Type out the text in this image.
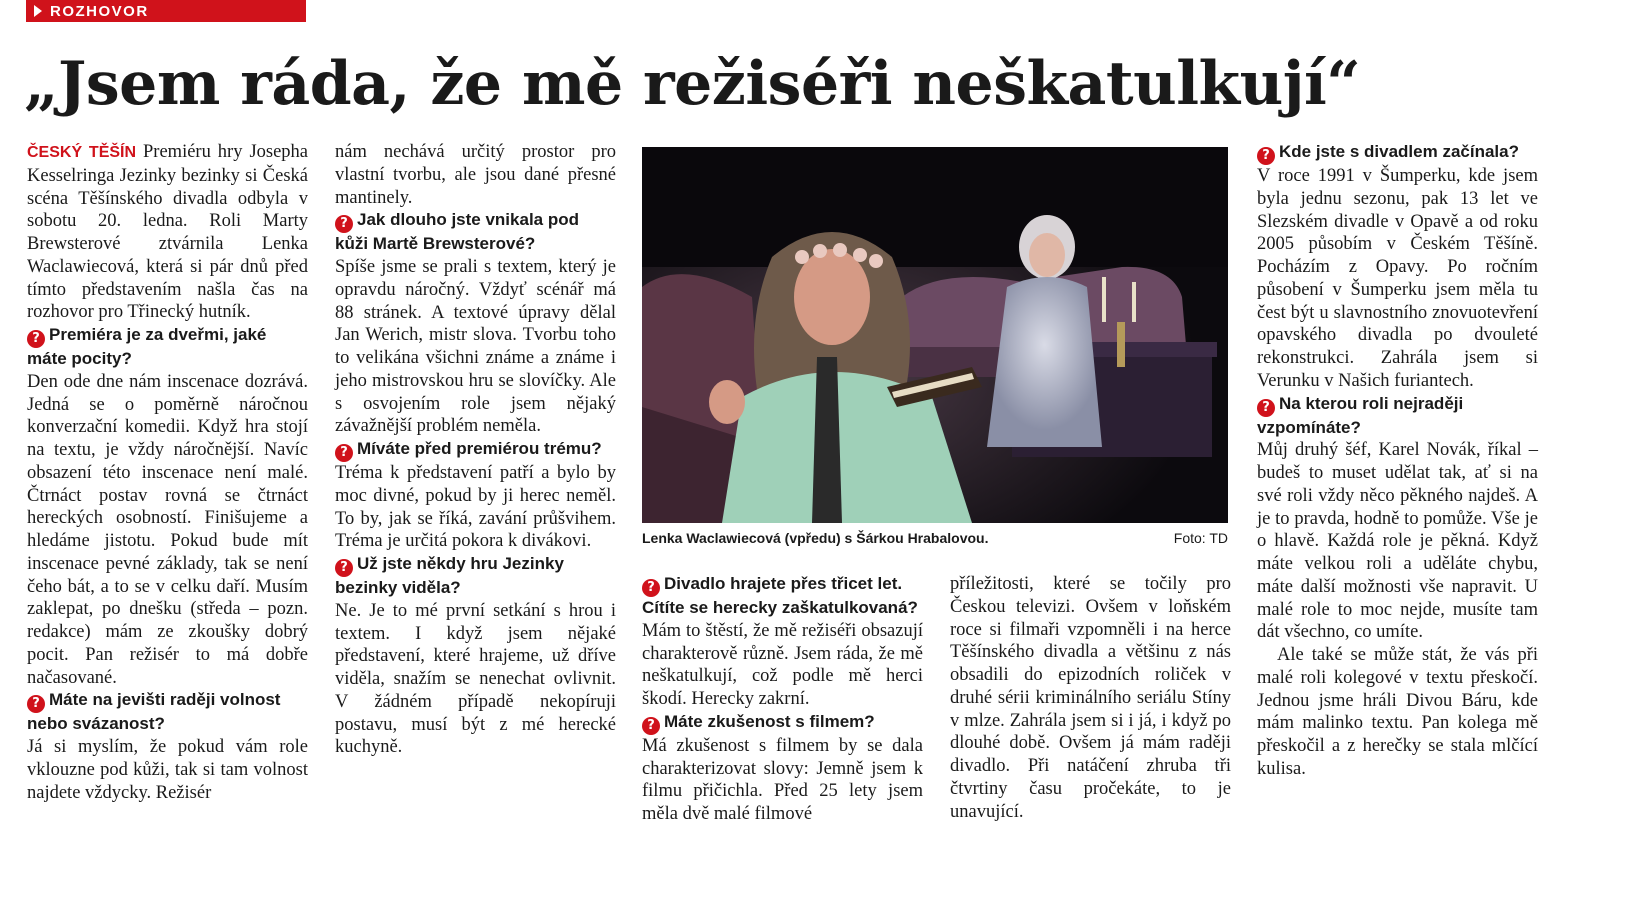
ROZHOVOR
„Jsem ráda, že mě režiséři neškatulkují“

ČESKÝ TĚŠÍN Premiéru hry Josepha Kesselringa Jezinky bezinky si Česká scéna Těšínského divadla odbyla v sobotu 20. ledna. Roli Marty Brewsterové ztvárnila Lenka Waclawiecová, která si pár dnů před tímto představením našla čas na rozhovor pro Třinecký hutník.

? Premiéra je za dveřmi, jaké máte pocity?

Den ode dne nám inscenace dozrává. Jedná se o poměrně náročnou konverzační komedii. Když hra stojí na textu, je vždy náročnější. Navíc obsazení této inscenace není malé. Čtrnáct postav rovná se čtrnáct hereckých osobností. Finišujeme a hledáme jistotu. Pokud bude mít inscenace pevné základy, tak se není čeho bát, a to se v celku daří. Musím zaklepat, po dnešku (středa – pozn. redakce) mám ze zkoušky dobrý pocit. Pan režisér to má dobře načasované.

? Máte na jevišti raději volnost nebo svázanost?

Já si myslím, že pokud vám role vklouzne pod kůži, tak si tam volnost najdete vždycky. Režisér

nám nechává určitý prostor pro vlastní tvorbu, ale jsou dané přesné mantinely.

? Jak dlouho jste vnikala pod kůži Martě Brewsterové?

Spíše jsme se prali s textem, který je opravdu náročný. Vždyť scénář má 88 stránek. A textové úpravy dělal Jan Werich, mistr slova. Tvorbu toho to velikána všichni známe a známe i jeho mistrovskou hru se slovíčky. Ale s osvojením role jsem nějaký závažnější problém neměla.

? Míváte před premiérou trému?

Tréma k představení patří a bylo by moc divné, pokud by ji herec neměl. To by, jak se říká, zavání průšvihem. Tréma je určitá pokora k divákovi.

? Už jste někdy hru Jezinky bezinky viděla?

Ne. Je to mé první setkání s hrou i textem. I když jsem nějaké představení, které hrajeme, už dříve viděla, snažím se nenechat ovlivnit. V žádném případě nekopíruji postavu, musí být z mé herecké kuchyně.

Lenka Waclawiecová (vpředu) s Šárkou Hrabalovou.	Foto: TD

? Divadlo hrajete přes třicet let. Cítíte se herecky zaškatulkovaná?

Mám to štěstí, že mě režiséři obsazují charakterově různě. Jsem ráda, že mě neškatulkují, což podle mě herci škodí. Herecky zakrní.

? Máte zkušenost s filmem?

Má zkušenost s filmem by se dala charakterizovat slovy: Jemně jsem k filmu přičichla. Před 25 lety jsem měla dvě malé filmové

příležitosti, které se točily pro Českou televizi. Ovšem v loňském roce si filmaři vzpomněli i na herce Těšínského divadla a většinu z nás obsadili do epizodních roliček v druhé sérii kriminálního seriálu Stíny v mlze. Zahrála jsem si i já, i když po dlouhé době. Ovšem já mám raději divadlo. Při natáčení zhruba tři čtvrtiny času pročekáte, to je unavující.

? Kde jste s divadlem začínala?

V roce 1991 v Šumperku, kde jsem byla jednu sezonu, pak 13 let ve Slezském divadle v Opavě a od roku 2005 působím v Českém Těšíně. Pocházím z Opavy. Po ročním působení v Šumperku jsem měla tu čest být u slavnostního znovuotevření opavského divadla po dvouleté rekonstrukci. Zahrála jsem si Verunku v Našich furiantech.

? Na kterou roli nejraději vzpomínáte?

Můj druhý šéf, Karel Novák, říkal – budeš to muset udělat tak, ať si na své roli vždy něco pěkného najdeš. A je to pravda, hodně to pomůže. Vše je o hlavě. Každá role je pěkná. Když máte velkou roli a uděláte chybu, máte další možnosti vše napravit. U malé role to moc nejde, musíte tam dát všechno, co umíte.

Ale také se může stát, že vás při malé roli kolegové v textu přeskočí. Jednou jsme hráli Divou Báru, kde mám malinko textu. Pan kolega mě přeskočil a z herečky se stala mlčící kulisa.
